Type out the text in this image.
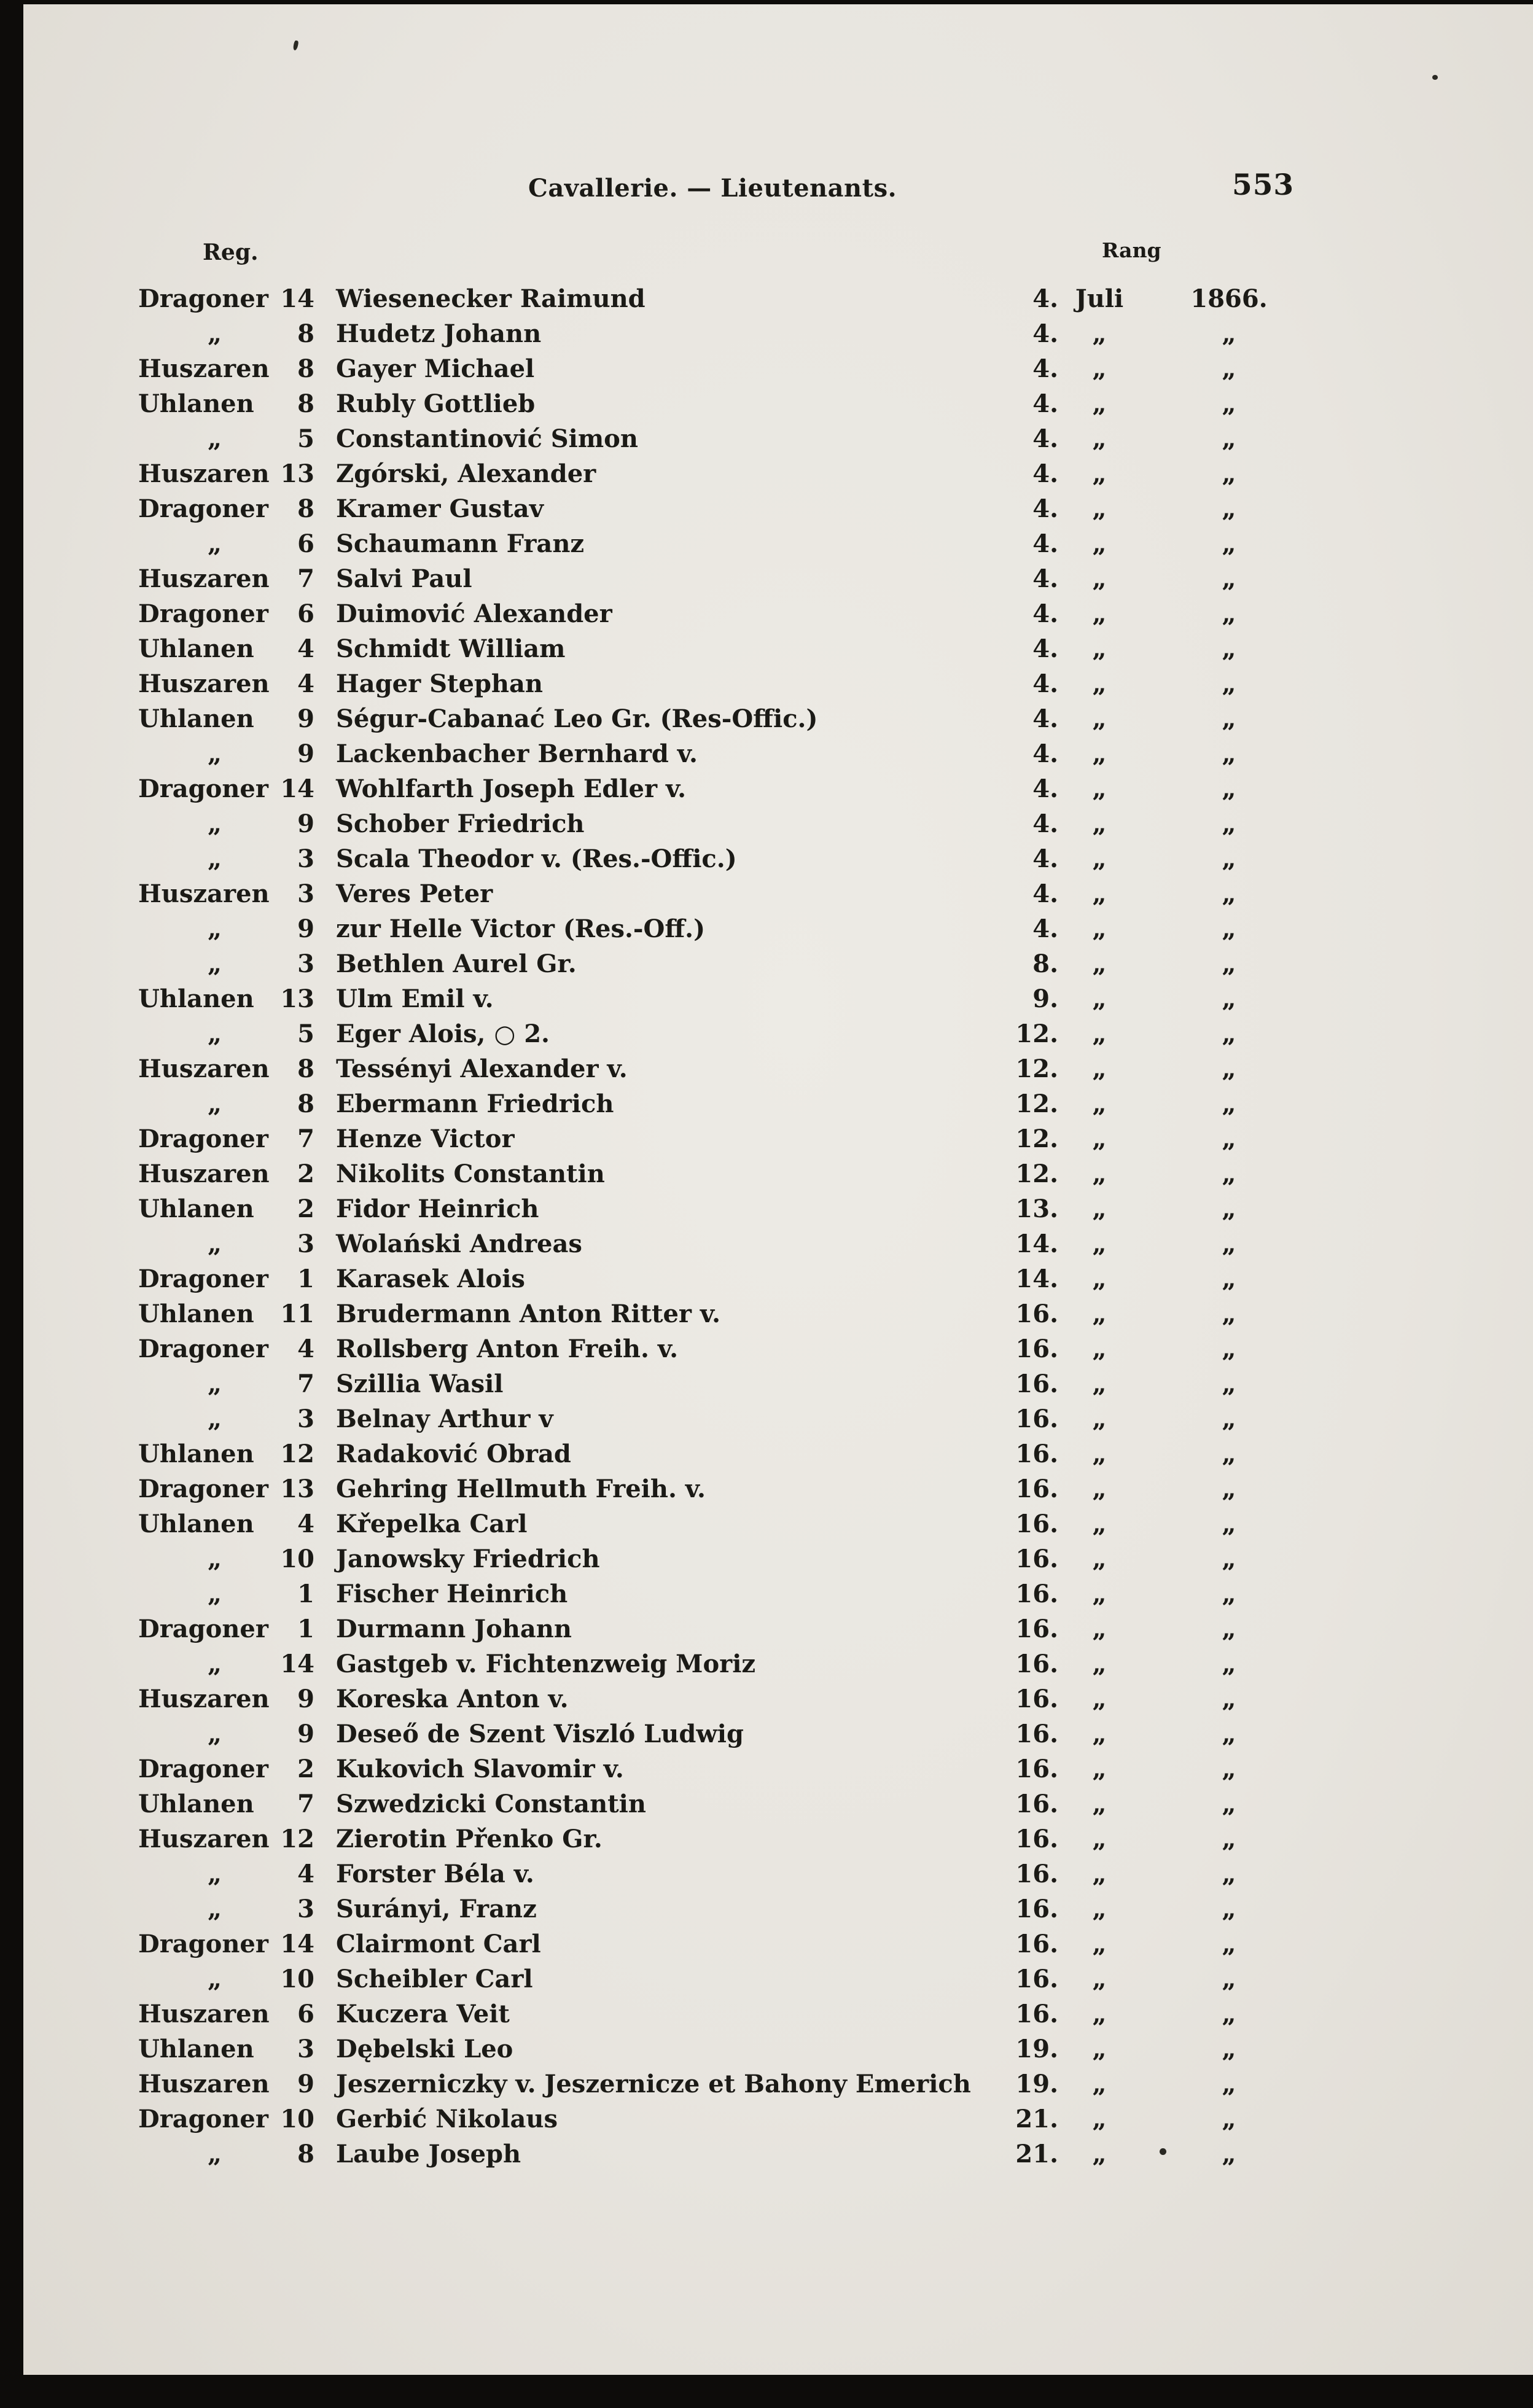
Cavallerie. — Lieutenants.	553
Reg.	Rang
Dragoner 14 Wiesenecker Raimund	4. Juli	1866.
„	8 Hudetz Johann	4.	„	„
Huszaren	8 Gayer Michael	4.	„	„
Uhlanen	8 Rubly Gottlieb	4.	„	„
„	5 Constantinović Simon	4.	„	„
Huszaren 13 Zgórski, Alexander	4.	„	„
Dragoner	8 Kramer Gustav	4.	„	„
„	6 Schaumann Franz	4.	„	„
Huszaren	7 Salvi Paul	4.	„	„
Dragoner	6 Duimović Alexander	4.	„	„
Uhlanen	4 Schmidt William	4.	„	„
Huszaren	4 Hager Stephan	4.	„	„
Uhlanen	9 Ségur-Cabanać Leo Gr. (Res-Offic.)	4.	„	„
„	9 Lackenbacher Bernhard v.	4.	„	„
Dragoner 14 Wohlfarth Joseph Edler v.	4.	„	„
„	9 Schober Friedrich	4.	„	„
„	3 Scala Theodor v. (Res.-Offic.)	4.	„	„
Huszaren	3 Veres Peter	4.	„	„
„	9 zur Helle Victor (Res.-Off.)	4.	„	„
„	3 Bethlen Aurel Gr.	8.	„	„
Uhlanen	13 Ulm Emil v.	9.	„	„
„	5 Eger Alois, ○ 2.	12.	„	„
Huszaren	8 Tessényi Alexander v.	12.	„	„
„	8 Ebermann Friedrich	12.	„	„
Dragoner	7 Henze Victor	12.	„	„
Huszaren	2 Nikolits Constantin	12.	„	„
Uhlanen	2 Fidor Heinrich	13.	„	„
„	3 Wolański Andreas	14.	„	„
Dragoner	1 Karasek Alois	14.	„	„
Uhlanen	11 Brudermann Anton Ritter v.	16.	„	„
Dragoner	4 Rollsberg Anton Freih. v.	16.	„	„
„	7 Szillia Wasil	16.	„	„
„	3 Belnay Arthur v	16.	„	„
Uhlanen	12 Radaković Obrad	16.	„	„
Dragoner 13 Gehring Hellmuth Freih. v.	16.	„	„
Uhlanen	4 Křepelka Carl	16.	„	„
„	10 Janowsky Friedrich	16.	„	„
„	1 Fischer Heinrich	16.	„	„
Dragoner	1 Durmann Johann	16.	„	„
„	14 Gastgeb v. Fichtenzweig Moriz	16.	„	„
Huszaren	9 Koreska Anton v.	16.	„	„
„	9 Deseő de Szent Viszló Ludwig	16.	„	„
Dragoner	2 Kukovich Slavomir v.	16.	„	„
Uhlanen	7 Szwedzicki Constantin	16.	„	„
Huszaren 12 Zierotin Přenko Gr.	16.	„	„
„	4 Forster Béla v.	16.	„	„
„	3 Surányi, Franz	16.	„	„
Dragoner 14 Clairmont Carl	16.	„	„
„	10 Scheibler Carl	16.	„	„
Huszaren	6 Kuczera Veit	16.	„	„
Uhlanen	3 Dębelski Leo	19.	„	„
Huszaren	9 Jeszerniczky v. Jeszernicze et Bahony Emerich	19.	„	„
Dragoner 10 Gerbić Nikolaus	21.	„	„
„	8 Laube Joseph	21.	„	„
